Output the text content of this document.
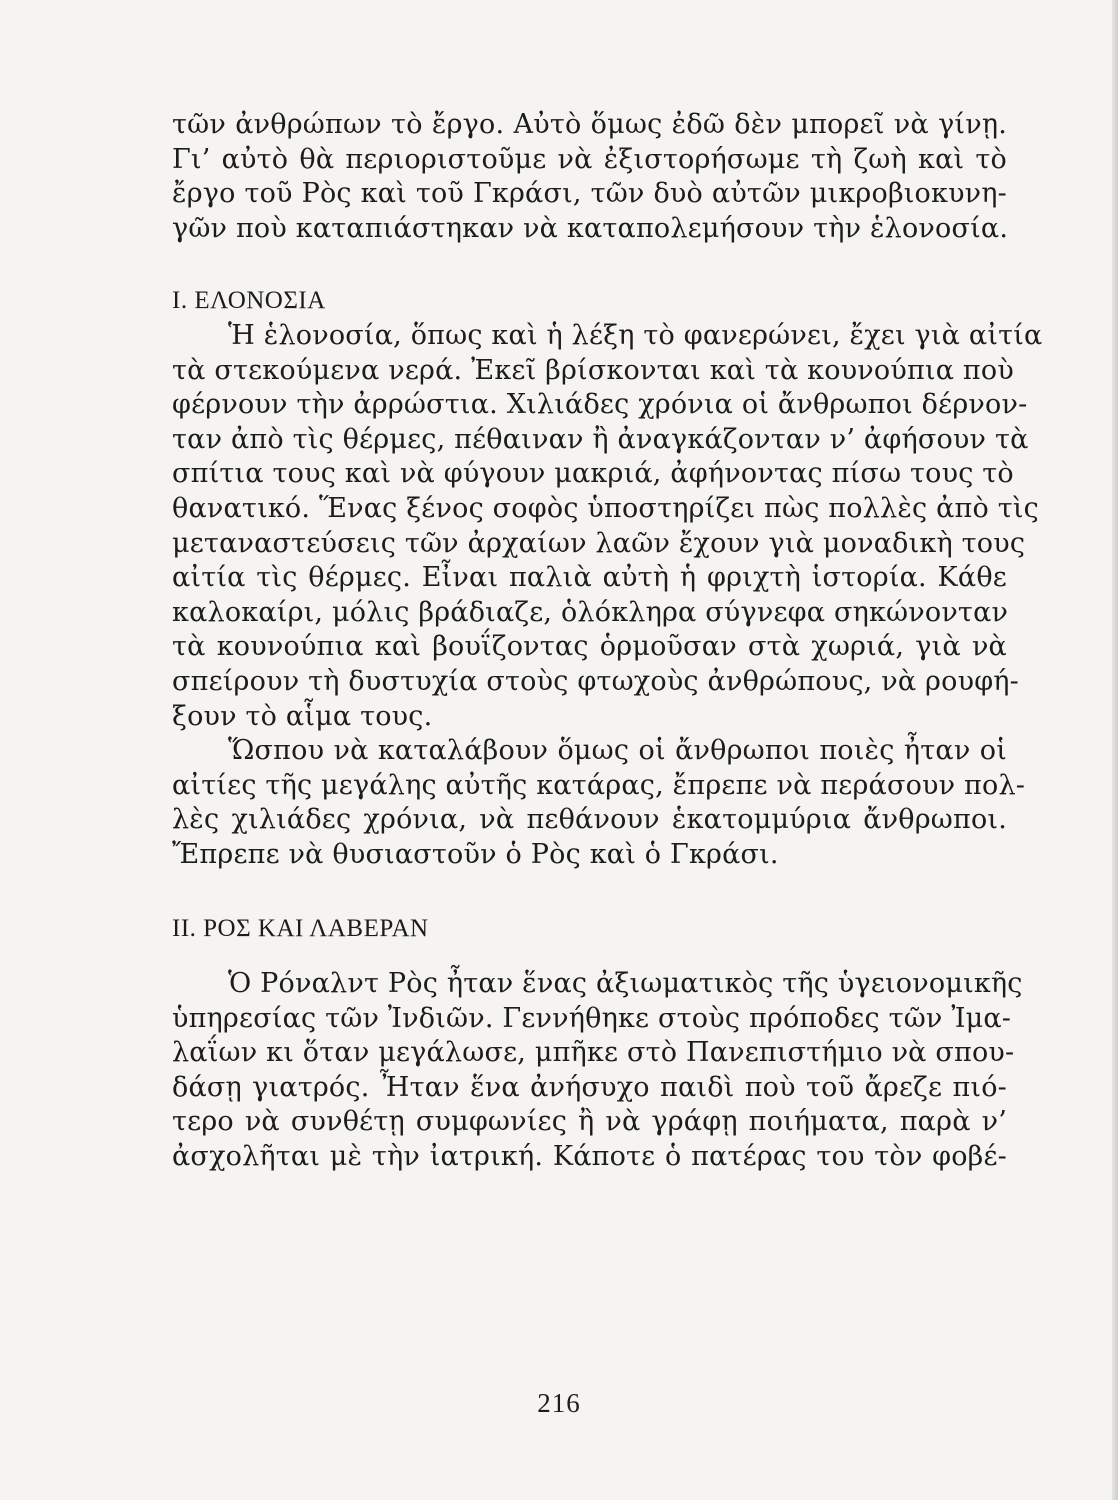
τῶν ἀνθρώπων τὸ ἔργο. Αὐτὸ ὅμως ἐδῶ δὲν μπορεῖ νὰ γίνῃ.
Γι’ αὐτὸ θὰ περιοριστοῦμε νὰ ἐξιστορήσωμε τὴ ζωὴ καὶ τὸ
ἔργο τοῦ Ρὸς καὶ τοῦ Γκράσι, τῶν δυὸ αὐτῶν μικροβιοκυνη-
γῶν ποὺ καταπιάστηκαν νὰ καταπολεμήσουν τὴν ἑλονοσία.
I. ΕΛΟΝΟΣΙΑ
Ἡ ἑλονοσία, ὅπως καὶ ἡ λέξη τὸ φανερώνει, ἔχει γιὰ αἰτία
τὰ στεκούμενα νερά. Ἐκεῖ βρίσκονται καὶ τὰ κουνούπια ποὺ
φέρνουν τὴν ἀρρώστια. Χιλιάδες χρόνια οἱ ἄνθρωποι δέρνον-
ταν ἀπὸ τὶς θέρμες, πέθαιναν ἢ ἀναγκάζονταν ν’ ἀφήσουν τὰ
σπίτια τους καὶ νὰ φύγουν μακριά, ἀφήνοντας πίσω τους τὸ
θανατικό. Ἕνας ξένος σοφὸς ὑποστηρίζει πὼς πολλὲς ἀπὸ τὶς
μεταναστεύσεις τῶν ἀρχαίων λαῶν ἔχουν γιὰ μοναδικὴ τους
αἰτία τὶς θέρμες. Εἶναι παλιὰ αὐτὴ ἡ φριχτὴ ἱστορία. Κάθε
καλοκαίρι, μόλις βράδιαζε, ὁλόκληρα σύγνεφα σηκώνονταν
τὰ κουνούπια καὶ βουΐζοντας ὁρμοῦσαν στὰ χωριά, γιὰ νὰ
σπείρουν τὴ δυστυχία στοὺς φτωχοὺς ἀνθρώπους, νὰ ρουφή-
ξουν τὸ αἷμα τους.
Ὥσπου νὰ καταλάβουν ὅμως οἱ ἄνθρωποι ποιὲς ἦταν οἱ
αἰτίες τῆς μεγάλης αὐτῆς κατάρας, ἔπρεπε νὰ περάσουν πολ-
λὲς χιλιάδες χρόνια, νὰ πεθάνουν ἑκατομμύρια ἄνθρωποι.
Ἔπρεπε νὰ θυσιαστοῦν ὁ Ρὸς καὶ ὁ Γκράσι.
II. ΡΟΣ ΚΑΙ ΛΑΒΕΡΑΝ
Ὁ Ρόναλντ Ρὸς ἦταν ἕνας ἀξιωματικὸς τῆς ὑγειονομικῆς
ὑπηρεσίας τῶν Ἰνδιῶν. Γεννήθηκε στοὺς πρόποδες τῶν Ἰμα-
λαΐων κι ὅταν μεγάλωσε, μπῆκε στὸ Πανεπιστήμιο νὰ σπου-
δάσῃ γιατρός. Ἦταν ἕνα ἀνήσυχο παιδὶ ποὺ τοῦ ἄρεζε πιό-
τερο νὰ συνθέτῃ συμφωνίες ἢ νὰ γράφῃ ποιήματα, παρὰ ν’
ἀσχολῆται μὲ τὴν ἰατρική. Κάποτε ὁ πατέρας του τὸν φοβέ-
216
